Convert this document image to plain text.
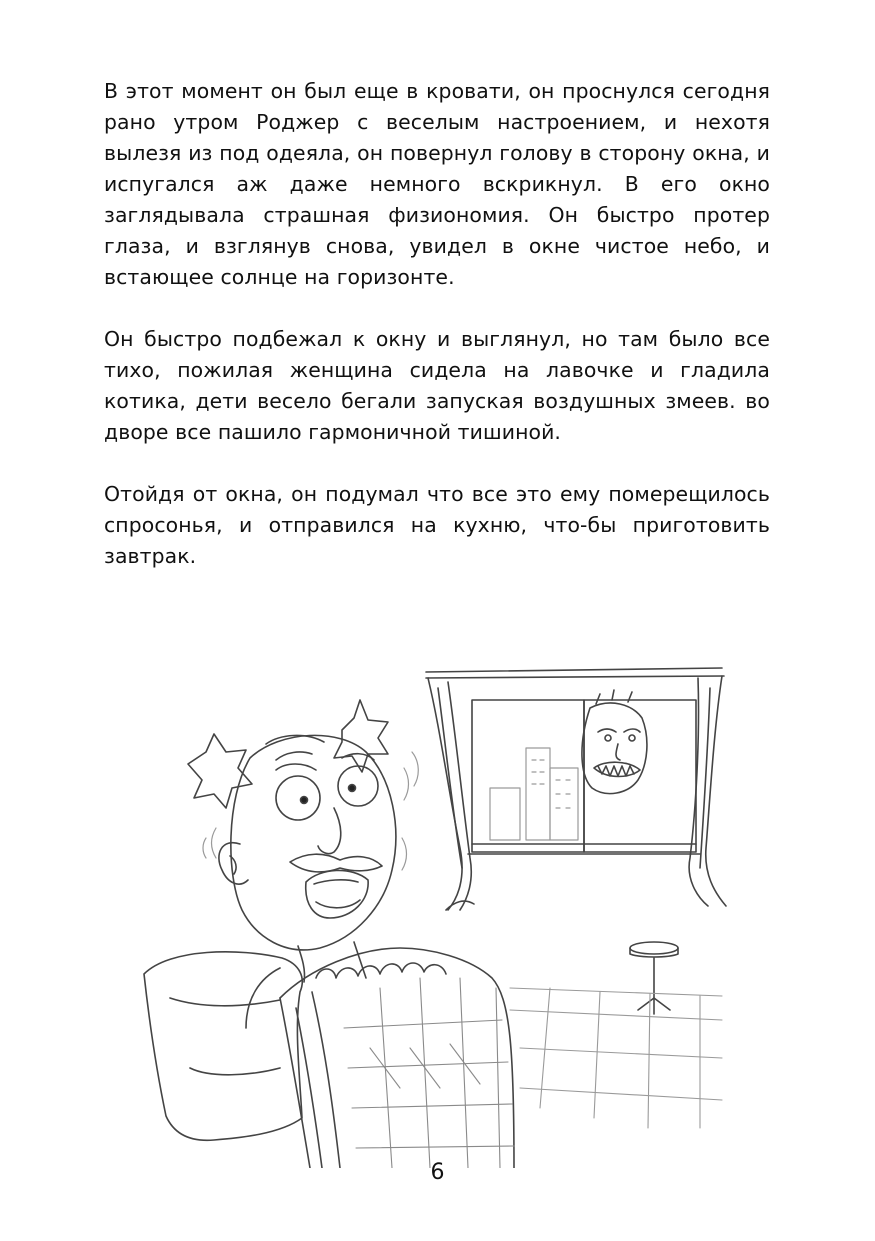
В этот момент он был еще в кровати, он проснулся сегодня рано утром Роджер с веселым настроением, и нехотя вылезя из под одеяла, он повернул голову в сторону окна, и испугался аж даже немного вскрикнул. В его окно заглядывала страшная физиономия. Он быстро протер глаза, и взглянув снова, увидел в окне чистое небо, и встающее солнце на горизонте.

Он быстро подбежал к окну и выглянул, но там было все тихо, пожилая женщина сидела на лавочке и гладила котика, дети весело бегали запуская воздушных змеев. во дворе все пашило гармоничной тишиной.

Отойдя от окна, он подумал что все это ему померещилось спросонья, и отправился на кухню, что-бы приготовить завтрак.

6
